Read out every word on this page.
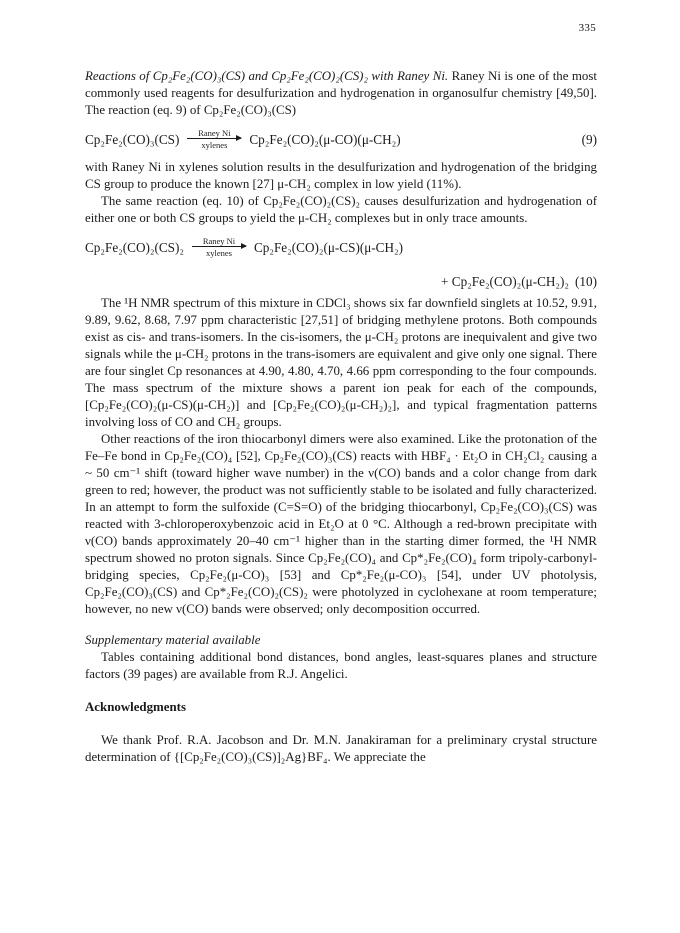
335

Reactions of Cp₂Fe₂(CO)₃(CS) and Cp₂Fe₂(CO)₂(CS)₂ with Raney Ni. Raney Ni is one of the most commonly used reagents for desulfurization and hydrogenation in organosulfur chemistry [49,50]. The reaction (eq. 9) of Cp₂Fe₂(CO)₃(CS)

Cp₂Fe₂(CO)₃(CS) Raney Ni
xylenes Cp₂Fe₂(CO)₂(μ-CO)(μ-CH₂)	(9)

with Raney Ni in xylenes solution results in the desulfurization and hydrogenation of the bridging CS group to produce the known [27] μ-CH₂ complex in low yield (11%).

The same reaction (eq. 10) of Cp₂Fe₂(CO)₂(CS)₂ causes desulfurization and hydrogenation of either one or both CS groups to yield the μ-CH₂ complexes but in only trace amounts.

Cp₂Fe₂(CO)₂(CS)₂ Raney Ni
xylenes Cp₂Fe₂(CO)₂(μ-CS)(μ-CH₂)
+ Cp₂Fe₂(CO)₂(μ-CH₂)₂ (10)

The ¹H NMR spectrum of this mixture in CDCl₃ shows six far downfield singlets at 10.52, 9.91, 9.89, 9.62, 8.68, 7.97 ppm characteristic [27,51] of bridging methylene protons. Both compounds exist as cis- and trans-isomers. In the cis-isomers, the μ-CH₂ protons are inequivalent and give two signals while the μ-CH₂ protons in the trans-isomers are equivalent and give only one signal. There are four singlet Cp resonances at 4.90, 4.80, 4.70, 4.66 ppm corresponding to the four compounds. The mass spectrum of the mixture shows a parent ion peak for each of the compounds, [Cp₂Fe₂(CO)₂(μ-CS)(μ-CH₂)] and [Cp₂Fe₂(CO)₂(μ-CH₂)₂], and typical fragmentation patterns involving loss of CO and CH₂ groups.

Other reactions of the iron thiocarbonyl dimers were also examined. Like the protonation of the Fe–Fe bond in Cp₂Fe₂(CO)₄ [52], Cp₂Fe₂(CO)₃(CS) reacts with HBF₄ · Et₂O in CH₂Cl₂ causing a ~ 50 cm⁻¹ shift (toward higher wave number) in the ν(CO) bands and a color change from dark green to red; however, the product was not sufficiently stable to be isolated and fully characterized. In an attempt to form the sulfoxide (C=S=O) of the bridging thiocarbonyl, Cp₂Fe₂(CO)₃(CS) was reacted with 3-chloroperoxybenzoic acid in Et₂O at 0 °C. Although a red-brown precipitate with ν(CO) bands approximately 20–40 cm⁻¹ higher than in the starting dimer formed, the ¹H NMR spectrum showed no proton signals. Since Cp₂Fe₂(CO)₄ and Cp*₂Fe₂(CO)₄ form tripoly-carbonyl-bridging species, Cp₂Fe₂(μ-CO)₃ [53] and Cp*₂Fe₂(μ-CO)₃ [54], under UV photolysis, Cp₂Fe₂(CO)₃(CS) and Cp*₂Fe₂(CO)₂(CS)₂ were photolyzed in cyclohexane at room temperature; however, no new ν(CO) bands were observed; only decomposition occurred.

Supplementary material available

Tables containing additional bond distances, bond angles, least-squares planes and structure factors (39 pages) are available from R.J. Angelici.

Acknowledgments

We thank Prof. R.A. Jacobson and Dr. M.N. Janakiraman for a preliminary crystal structure determination of {[Cp₂Fe₂(CO)₃(CS)]₂Ag}BF₄. We appreciate the
